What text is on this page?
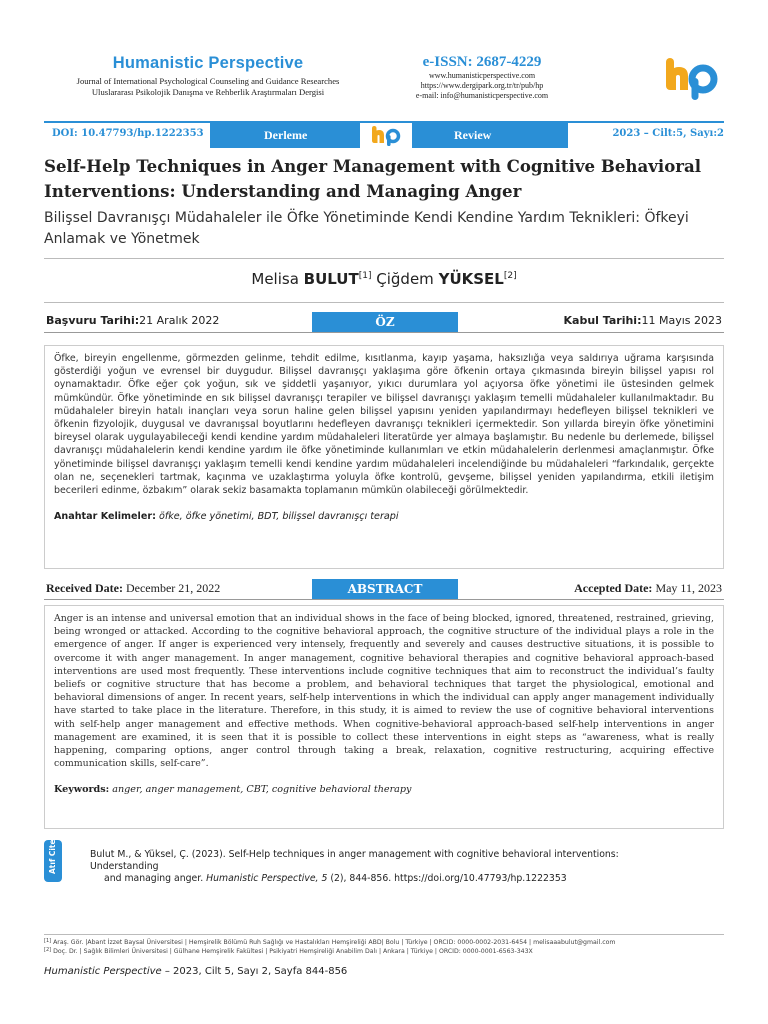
Humanistic Perspective
Journal of International Psychological Counseling and Guidance Researches
Uluslararası Psikolojik Danışma ve Rehberlik Araştırmaları Dergisi
e-ISSN: 2687-4229
www.humanisticperspective.com
https://www.dergipark.org.tr/tr/pub/hp
e-mail: info@humanisticperspective.com
DOI: 10.47793/hp.1222353	Derleme	Review	2023 – Cilt:5, Sayı:2
Self-Help Techniques in Anger Management with Cognitive Behavioral Interventions: Understanding and Managing Anger
Bilişsel Davranışçı Müdahaleler ile Öfke Yönetiminde Kendi Kendine Yardım Teknikleri: Öfkeyi Anlamak ve Yönetmek
Melisa BULUT[1] Çiğdem YÜKSEL[2]
Başvuru Tarihi:21 Aralık 2022	ÖZ	Kabul Tarihi:11 Mayıs 2023

Öfke, bireyin engellenme, görmezden gelinme, tehdit edilme, kısıtlanma, kayıp yaşama, haksızlığa veya saldırıya uğrama karşısında gösterdiği yoğun ve evrensel bir duygudur. Bilişsel davranışçı yaklaşıma göre öfkenin ortaya çıkmasında bireyin bilişsel yapısı rol oynamaktadır. Öfke eğer çok yoğun, sık ve şiddetli yaşanıyor, yıkıcı durumlara yol açıyorsa öfke yönetimi ile üstesinden gelmek mümkündür. Öfke yönetiminde en sık bilişsel davranışçı terapiler ve bilişsel davranışçı yaklaşım temelli müdahaleler kullanılmaktadır. Bu müdahaleler bireyin hatalı inançları veya sorun haline gelen bilişsel yapısını yeniden yapılandırmayı hedefleyen bilişsel teknikleri ve öfkenin fizyolojik, duygusal ve davranışsal boyutlarını hedefleyen davranışçı teknikleri içermektedir. Son yıllarda bireyin öfke yönetimini bireysel olarak uygulayabileceği kendi kendine yardım müdahaleleri literatürde yer almaya başlamıştır. Bu nedenle bu derlemede, bilişsel davranışçı müdahalelerin kendi kendine yardım ile öfke yönetiminde kullanımları ve etkin müdahalelerin derlenmesi amaçlanmıştır. Öfke yönetiminde bilişsel davranışçı yaklaşım temelli kendi kendine yardım müdahaleleri incelendiğinde bu müdahaleleri “farkındalık, gerçekte olan ne, seçenekleri tartmak, kaçınma ve uzaklaştırma yoluyla öfke kontrolü, gevşeme, bilişsel yeniden yapılandırma, etkili iletişim becerileri edinme, özbakım” olarak sekiz basamakta toplamanın mümkün olabileceği görülmektedir.

Anahtar Kelimeler: öfke, öfke yönetimi, BDT, bilişsel davranışçı terapi
Received Date: December 21, 2022	ABSTRACT	Accepted Date: May 11, 2023

Anger is an intense and universal emotion that an individual shows in the face of being blocked, ignored, threatened, restrained, grieving, being wronged or attacked. According to the cognitive behavioral approach, the cognitive structure of the individual plays a role in the emergence of anger. If anger is experienced very intensely, frequently and severely and causes destructive situations, it is possible to overcome it with anger management. In anger management, cognitive behavioral therapies and cognitive behavioral approach-based interventions are used most frequently. These interventions include cognitive techniques that aim to reconstruct the individual’s faulty beliefs or cognitive structure that has become a problem, and behavioral techniques that target the physiological, emotional and behavioral dimensions of anger. In recent years, self-help interventions in which the individual can apply anger management individually have started to take place in the literature. Therefore, in this study, it is aimed to review the use of cognitive behavioral interventions with self-help anger management and effective methods. When cognitive-behavioral approach-based self-help interventions in anger management are examined, it is seen that it is possible to collect these interventions in eight steps as “awareness, what is really happening, comparing options, anger control through taking a break, relaxation, cognitive restructuring, acquiring effective communication skills, self-care”.

Keywords: anger, anger management, CBT, cognitive behavioral therapy
Atıf Cite	Bulut M., & Yüksel, Ç. (2023). Self-Help techniques in anger management with cognitive behavioral interventions: Understanding
and managing anger. Humanistic Perspective, 5 (2), 844-856. https://doi.org/10.47793/hp.1222353
[1] Araş. Gör. |Abant İzzet Baysal Üniversitesi | Hemşirelik Bölümü Ruh Sağlığı ve Hastalıkları Hemşireliği ABD| Bolu | Türkiye | ORCID: 0000-0002-2031-6454 | melisaaabulut@gmail.com
[2] Doç. Dr. | Sağlık Bilimleri Üniversitesi | Gülhane Hemşirelik Fakültesi | Psikiyatri Hemşireliği Anabilim Dalı | Ankara | Türkiye | ORCID: 0000-0001-6563-343X
Humanistic Perspective – 2023, Cilt 5, Sayı 2, Sayfa 844-856
